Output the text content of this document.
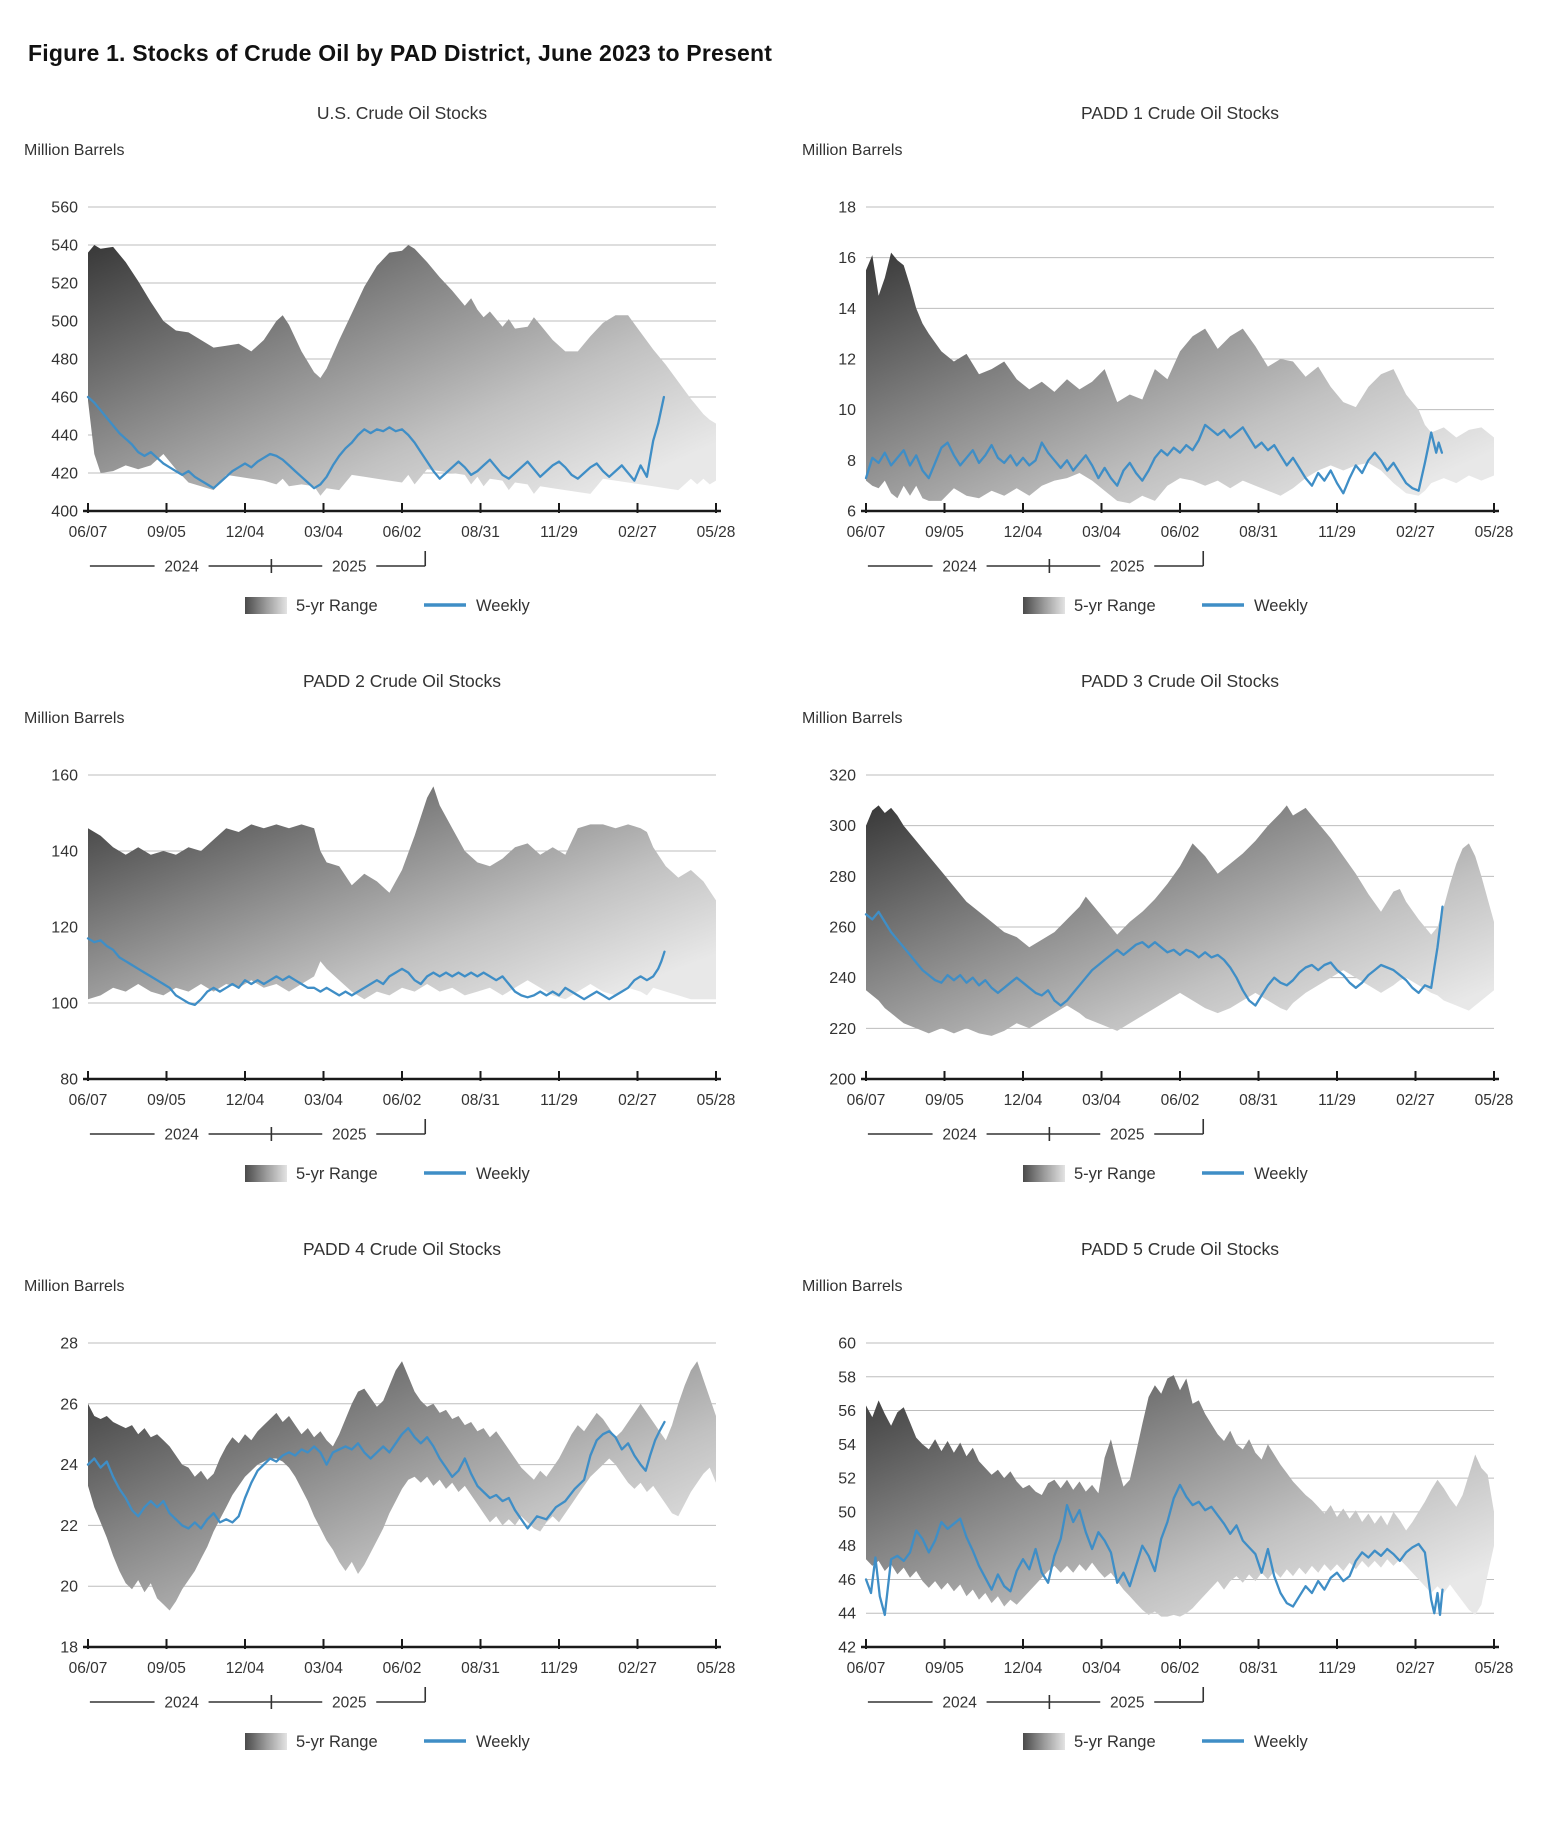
Figure 1. Stocks of Crude Oil by PAD District, June 2023 to Present
U.S. Crude Oil Stocks
Million Barrels
560
540
520
500
480
460
440
420
400
06/07	09/05	12/04	03/04	06/02	08/31	11/29	02/27	05/28
2024	2025
5-yr Range	Weekly
PADD 1 Crude Oil Stocks
Million Barrels
18
16
14
12
10
8
6
06/07	09/05	12/04	03/04	06/02	08/31	11/29	02/27	05/28
2024	2025
5-yr Range	Weekly
PADD 2 Crude Oil Stocks
Million Barrels
160
140
120
100
80
06/07	09/05	12/04	03/04	06/02	08/31	11/29	02/27	05/28
2024	2025
5-yr Range	Weekly
PADD 3 Crude Oil Stocks
Million Barrels
320
300
280
260
240
220
200
06/07	09/05	12/04	03/04	06/02	08/31	11/29	02/27	05/28
2024	2025
5-yr Range	Weekly
PADD 4 Crude Oil Stocks
Million Barrels
28
26
24
22
20
18
06/07	09/05	12/04	03/04	06/02	08/31	11/29	02/27	05/28
2024	2025
5-yr Range	Weekly
PADD 5 Crude Oil Stocks
Million Barrels
60
58
56
54
52
50
48
46
44
42
06/07	09/05	12/04	03/04	06/02	08/31	11/29	02/27	05/28
2024	2025
5-yr Range	Weekly
